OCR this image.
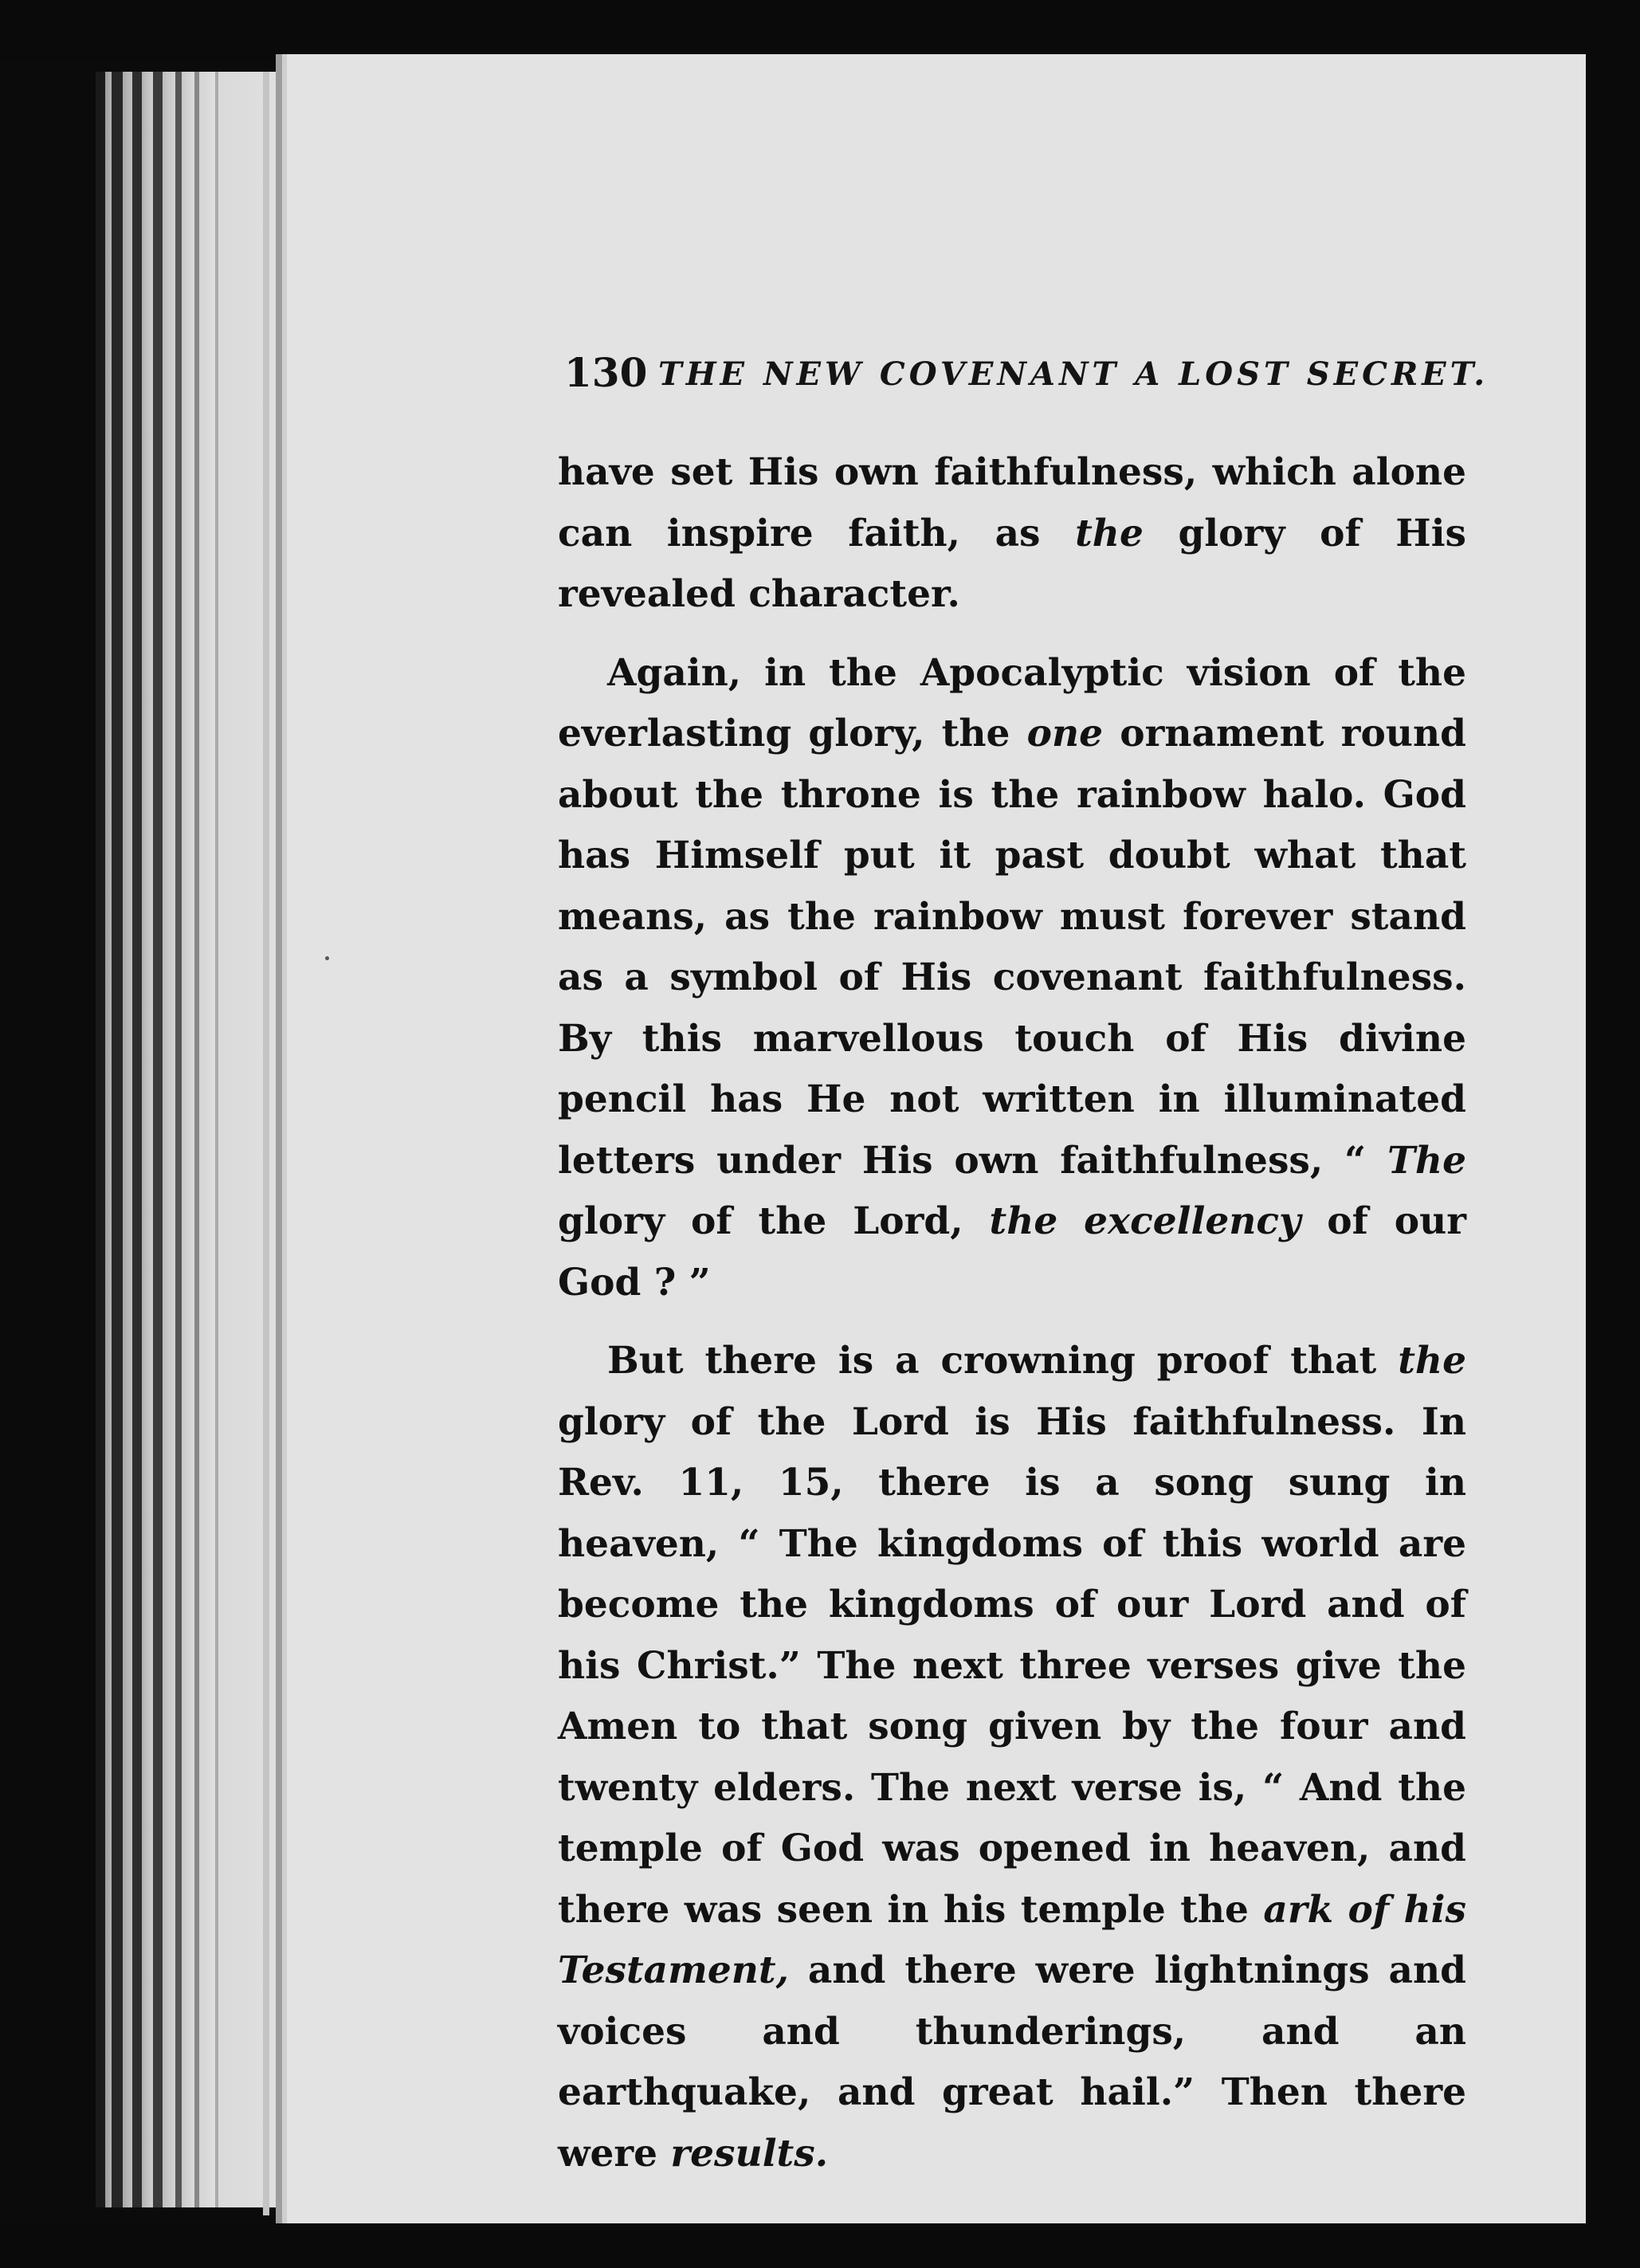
130 THE NEW COVENANT A LOST SECRET.

have set His own faithfulness, which alone can inspire faith, as the glory of His revealed character.

Again, in the Apocalyptic vision of the everlasting glory, the one ornament round about the throne is the rainbow halo. God has Himself put it past doubt what that means, as the rainbow must forever stand as a symbol of His covenant faithfulness. By this marvellous touch of His divine pencil has He not written in illuminated letters under His own faithfulness, “ The glory of the Lord, the excellency of our God ? ”

But there is a crowning proof that the glory of the Lord is His faithfulness. In Rev. 11, 15, there is a song sung in heaven, “ The kingdoms of this world are become the kingdoms of our Lord and of his Christ.” The next three verses give the Amen to that song given by the four and twenty elders. The next verse is, “ And the temple of God was opened in heaven, and there was seen in his temple the ark of his Testament, and there were lightnings and voices and thunderings, and an earthquake, and great hail.” Then there were results.
